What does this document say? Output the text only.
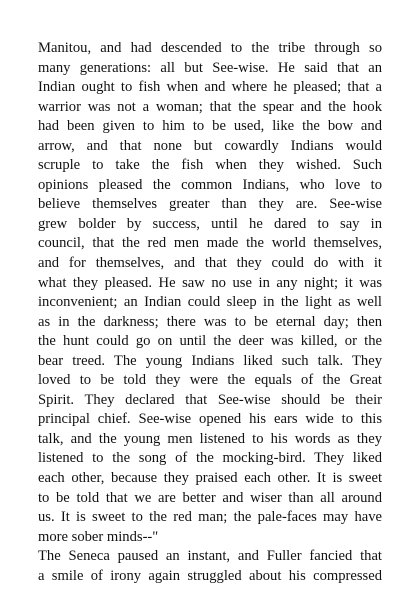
Manitou, and had descended to the tribe through so
many generations: all but See-wise. He said that an
Indian ought to fish when and where he pleased; that a
warrior was not a woman; that the spear and the hook
had been given to him to be used, like the bow and
arrow, and that none but cowardly Indians would
scruple to take the fish when they wished. Such
opinions pleased the common Indians, who love to
believe themselves greater than they are. See-wise
grew bolder by success, until he dared to say in
council, that the red men made the world themselves,
and for themselves, and that they could do with it
what they pleased. He saw no use in any night; it was
inconvenient; an Indian could sleep in the light as well
as in the darkness; there was to be eternal day; then
the hunt could go on until the deer was killed, or the
bear treed. The young Indians liked such talk. They
loved to be told they were the equals of the Great
Spirit. They declared that See-wise should be their
principal chief. See-wise opened his ears wide to this
talk, and the young men listened to his words as they
listened to the song of the mocking-bird. They liked
each other, because they praised each other. It is sweet
to be told that we are better and wiser than all around
us. It is sweet to the red man; the pale-faces may have
more sober minds--"
The Seneca paused an instant, and Fuller fancied that
a smile of irony again struggled about his compressed
